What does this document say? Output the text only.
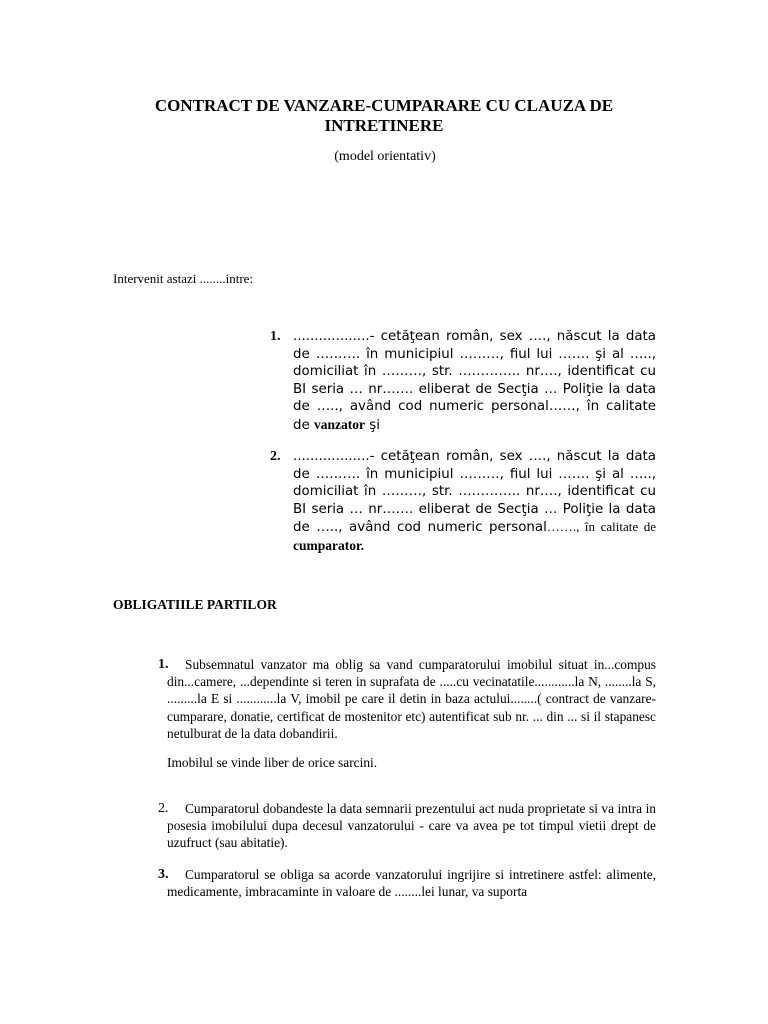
CONTRACT DE VANZARE-CUMPARARE CU CLAUZA DE INTRETINERE
(model orientativ)
Intervenit astazi ........intre:
1. ..................- cetăţean român, sex …., născut la data de ………. în municipiul ………, fiul lui ……. şi al ….., domiciliat în ………, str. ………….. nr…., identificat cu BI seria … nr……. eliberat de Secţia … Poliţie la data de ….., având cod numeric personal……, în calitate de vanzator şi
2. ..................- cetăţean român, sex …., născut la data de ………. în municipiul ………, fiul lui ……. şi al ….., domiciliat în ………, str. ………….. nr…., identificat cu BI seria … nr……. eliberat de Secţia … Poliţie la data de ….., având cod numeric personal……., în calitate de cumparator.
OBLIGATIILE PARTILOR
1.	Subsemnatul vanzator ma oblig sa vand cumparatorului imobilul situat in...compus din...camere, ...dependinte si teren in suprafata de .....cu vecinatatile............la N, ........la S, .........la E si ............la V, imobil pe care il detin in baza actului........( contract de vanzare-cumparare, donatie, certificat de mostenitor etc) autentificat sub nr. ... din ... si il stapanesc netulburat de la data dobandirii.

Imobilul se vinde liber de orice sarcini.

2.	Cumparatorul dobandeste la data semnarii prezentului act nuda proprietate si va intra in posesia imobilului dupa decesul vanzatorului - care va avea pe tot timpul vietii drept de uzufruct (sau abitatie).

3.	Cumparatorul se obliga sa acorde vanzatorului ingrijire si intretinere astfel: alimente, medicamente, imbracaminte in valoare de ........lei lunar, va suporta
